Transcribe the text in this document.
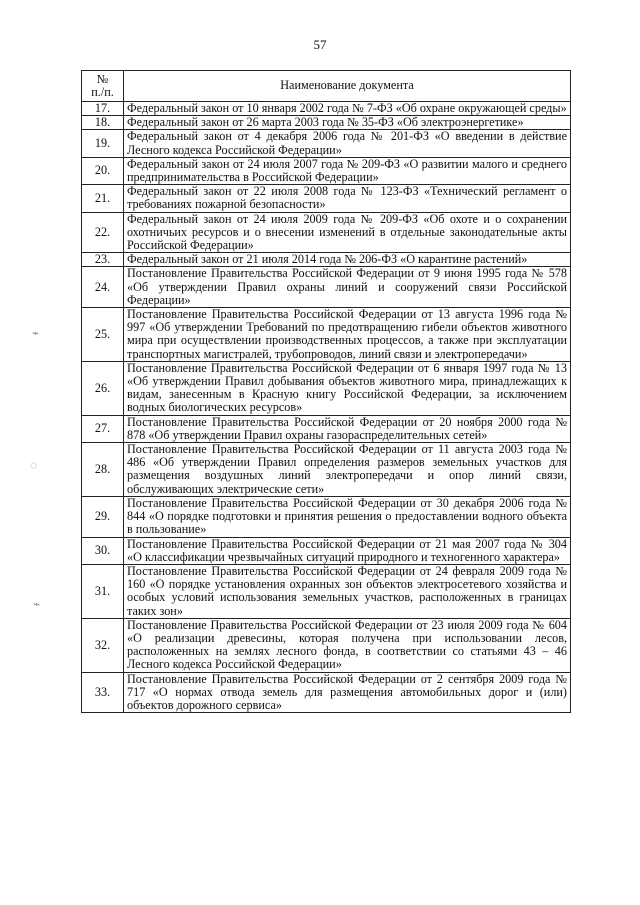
57
⌁
◌
⌁
№
п./п.	Наименование документа
17.	Федеральный закон от 10 января 2002 года № 7-ФЗ «Об охране окружающей среды»
18.	Федеральный закон от 26 марта 2003 года № 35-ФЗ «Об электроэнергетике»
19.	Федеральный закон от 4 декабря 2006 года № 201-ФЗ «О введении в действие Лесного кодекса Российской Федерации»
20.	Федеральный закон от 24 июля 2007 года № 209-ФЗ «О развитии малого и среднего предпринимательства в Российской Федерации»
21.	Федеральный закон от 22 июля 2008 года № 123-ФЗ «Технический регламент о требованиях пожарной безопасности»
22.	Федеральный закон от 24 июля 2009 года № 209-ФЗ «Об охоте и о сохранении охотничьих ресурсов и о внесении изменений в отдельные законодательные акты Российской Федерации»
23.	Федеральный закон от 21 июля 2014 года № 206-ФЗ «О карантине растений»
24.	Постановление Правительства Российской Федерации от 9 июня 1995 года № 578 «Об утверждении Правил охраны линий и сооружений связи Российской Федерации»
25.	Постановление Правительства Российской Федерации от 13 августа 1996 года № 997 «Об утверждении Требований по предотвращению гибели объектов животного мира при осуществлении производственных процессов, а также при эксплуатации транспортных магистралей, трубопроводов, линий связи и электропередачи»
26.	Постановление Правительства Российской Федерации от 6 января 1997 года № 13 «Об утверждении Правил добывания объектов животного мира, принадлежащих к видам, занесенным в Красную книгу Российской Федерации, за исключением водных биологических ресурсов»
27.	Постановление Правительства Российской Федерации от 20 ноября 2000 года № 878 «Об утверждении Правил охраны газораспределительных сетей»
28.	Постановление Правительства Российской Федерации от 11 августа 2003 года № 486 «Об утверждении Правил определения размеров земельных участков для размещения воздушных линий электропередачи и опор линий связи, обслуживающих электрические сети»
29.	Постановление Правительства Российской Федерации от 30 декабря 2006 года № 844 «О порядке подготовки и принятия решения о предоставлении водного объекта в пользование»
30.	Постановление Правительства Российской Федерации от 21 мая 2007 года № 304 «О классификации чрезвычайных ситуаций природного и техногенного характера»
31.	Постановление Правительства Российской Федерации от 24 февраля 2009 года № 160 «О порядке установления охранных зон объектов электросетевого хозяйства и особых условий использования земельных участков, расположенных в границах таких зон»
32.	Постановление Правительства Российской Федерации от 23 июля 2009 года № 604 «О реализации древесины, которая получена при использовании лесов, расположенных на землях лесного фонда, в соответствии со статьями 43 – 46 Лесного кодекса Российской Федерации»
33.	Постановление Правительства Российской Федерации от 2 сентября 2009 года № 717 «О нормах отвода земель для размещения автомобильных дорог и (или) объектов дорожного сервиса»
